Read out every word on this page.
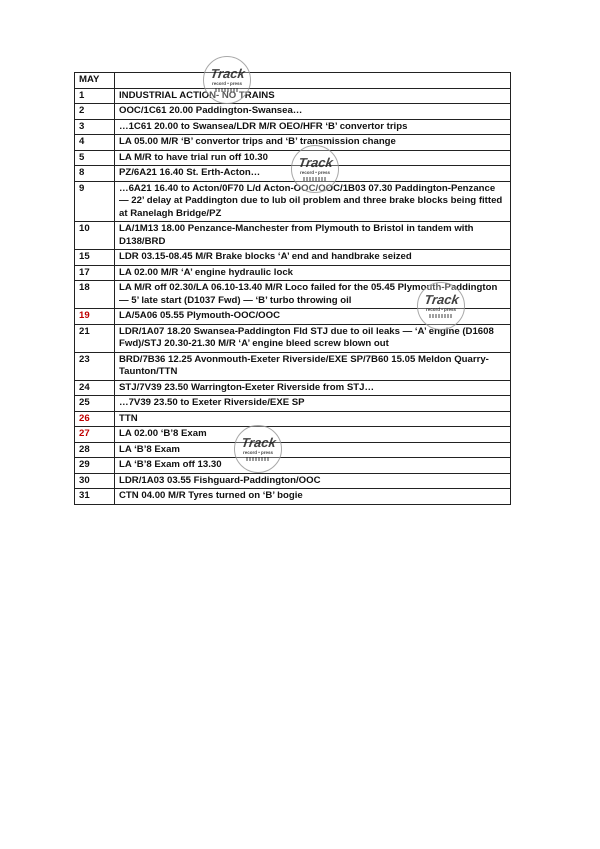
MAY	
1	INDUSTRIAL ACTION- NO TRAINS
2	OOC/1C61 20.00 Paddington-Swansea…
3	…1C61 20.00 to Swansea/LDR M/R OEO/HFR ‘B’ convertor trips
4	LA 05.00 M/R ‘B’ convertor trips and ‘B’ transmission change
5	LA M/R to have trial run off 10.30
8	PZ/6A21 16.40 St. Erth-Acton…
9	…6A21 16.40 to Acton/0F70 L/d Acton-OOC/OOC/1B03 07.30 Paddington-Penzance — 22’ delay at Paddington due to lub oil problem and three brake blocks being fitted at Ranelagh Bridge/PZ
10	LA/1M13 18.00 Penzance-Manchester from Plymouth to Bristol in tandem with D138/BRD
15	LDR 03.15-08.45 M/R Brake blocks ‘A’ end and handbrake seized
17	LA 02.00 M/R ‘A’ engine hydraulic lock
18	LA M/R off 02.30/LA 06.10-13.40 M/R Loco failed for the 05.45 Plymouth-Paddington — 5’ late start (D1037 Fwd) — ‘B’ turbo throwing oil
19	LA/5A06 05.55 Plymouth-OOC/OOC
21	LDR/1A07 18.20 Swansea-Paddington Fld STJ due to oil leaks — ‘A’ engine (D1608 Fwd)/STJ 20.30-21.30 M/R ‘A’ engine bleed screw blown out
23	BRD/7B36 12.25 Avonmouth-Exeter Riverside/EXE SP/7B60 15.05 Meldon Quarry-Taunton/TTN
24	STJ/7V39 23.50 Warrington-Exeter Riverside from STJ…
25	…7V39 23.50 to Exeter Riverside/EXE SP
26	TTN
27	LA 02.00 ‘B’8 Exam
28	LA ‘B’8 Exam
29	LA ‘B’8 Exam off 13.30
30	LDR/1A03 03.55 Fishguard-Paddington/OOC
31	CTN 04.00 M/R Tyres turned on ‘B’ bogie
Track
record • press
Track
record • press
Track
record • press
Track
record • press
